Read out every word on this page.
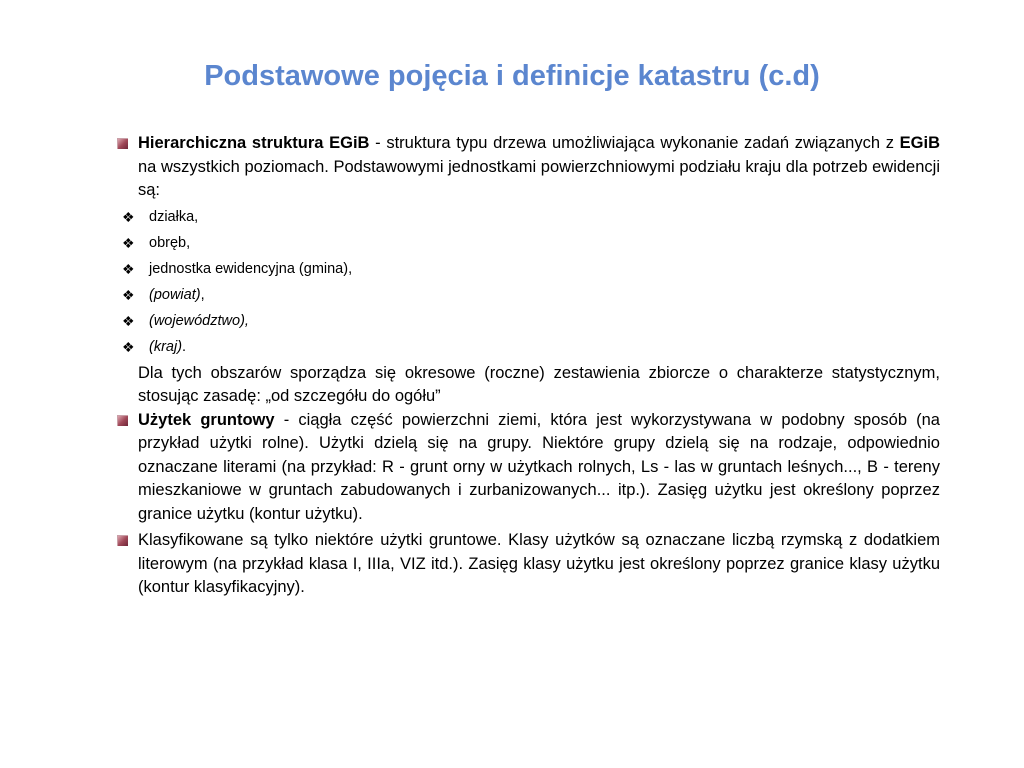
Podstawowe pojęcia i definicje katastru (c.d)
Hierarchiczna struktura EGiB - struktura typu drzewa umożliwiająca wykonanie zadań związanych z EGiB na wszystkich poziomach. Podstawowymi jednostkami powierzchniowymi podziału kraju dla potrzeb ewidencji są:
❖ działka,
❖ obręb,
❖ jednostka ewidencyjna (gmina),
❖ (powiat),
❖ (województwo),
❖ (kraj).
Dla tych obszarów sporządza się okresowe (roczne) zestawienia zbiorcze o charakterze statystycznym, stosując zasadę: „od szczegółu do ogółu”
Użytek gruntowy - ciągła część powierzchni ziemi, która jest wykorzystywana w podobny sposób (na przykład użytki rolne). Użytki dzielą się na grupy. Niektóre grupy dzielą się na rodzaje, odpowiednio oznaczane literami (na przykład: R - grunt orny w użytkach rolnych, Ls - las w gruntach leśnych..., B - tereny mieszkaniowe w gruntach zabudowanych i zurbanizowanych... itp.). Zasięg użytku jest określony poprzez granice użytku (kontur użytku).
Klasyfikowane są tylko niektóre użytki gruntowe. Klasy użytków są oznaczane liczbą rzymską z dodatkiem literowym (na przykład klasa I, IIIa, VIZ itd.). Zasięg klasy użytku jest określony poprzez granice klasy użytku (kontur klasyfikacyjny).
